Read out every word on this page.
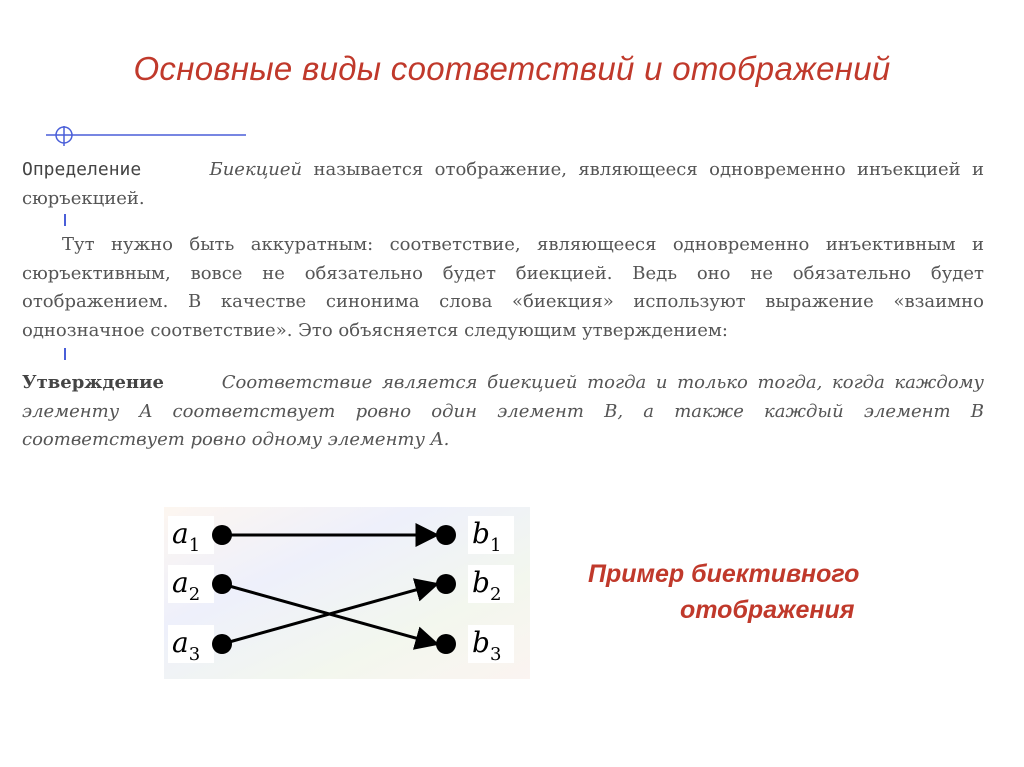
Основные виды соответствий и отображений
Определение	Биекцией называется отображение, являющееся одновременно инъекцией и сюръекцией.
Тут нужно быть аккуратным: соответствие, являющееся одновременно инъективным и сюръективным, вовсе не обязательно будет биекцией. Ведь оно не обязательно будет отображением. В качестве синонима слова «биекция» используют выражение «взаимно однозначное соответствие». Это объясняется следующим утверждением:
Утверждение	Соответствие является биекцией тогда и только тогда, когда каждому элементу A соответствует ровно один элемент B, а также каждый элемент B соответствует ровно одному элементу A.
$a_1$
$a_2$
$a_3$
$b_1$
$b_2$
$b_3$
Пример биективного
отображения
